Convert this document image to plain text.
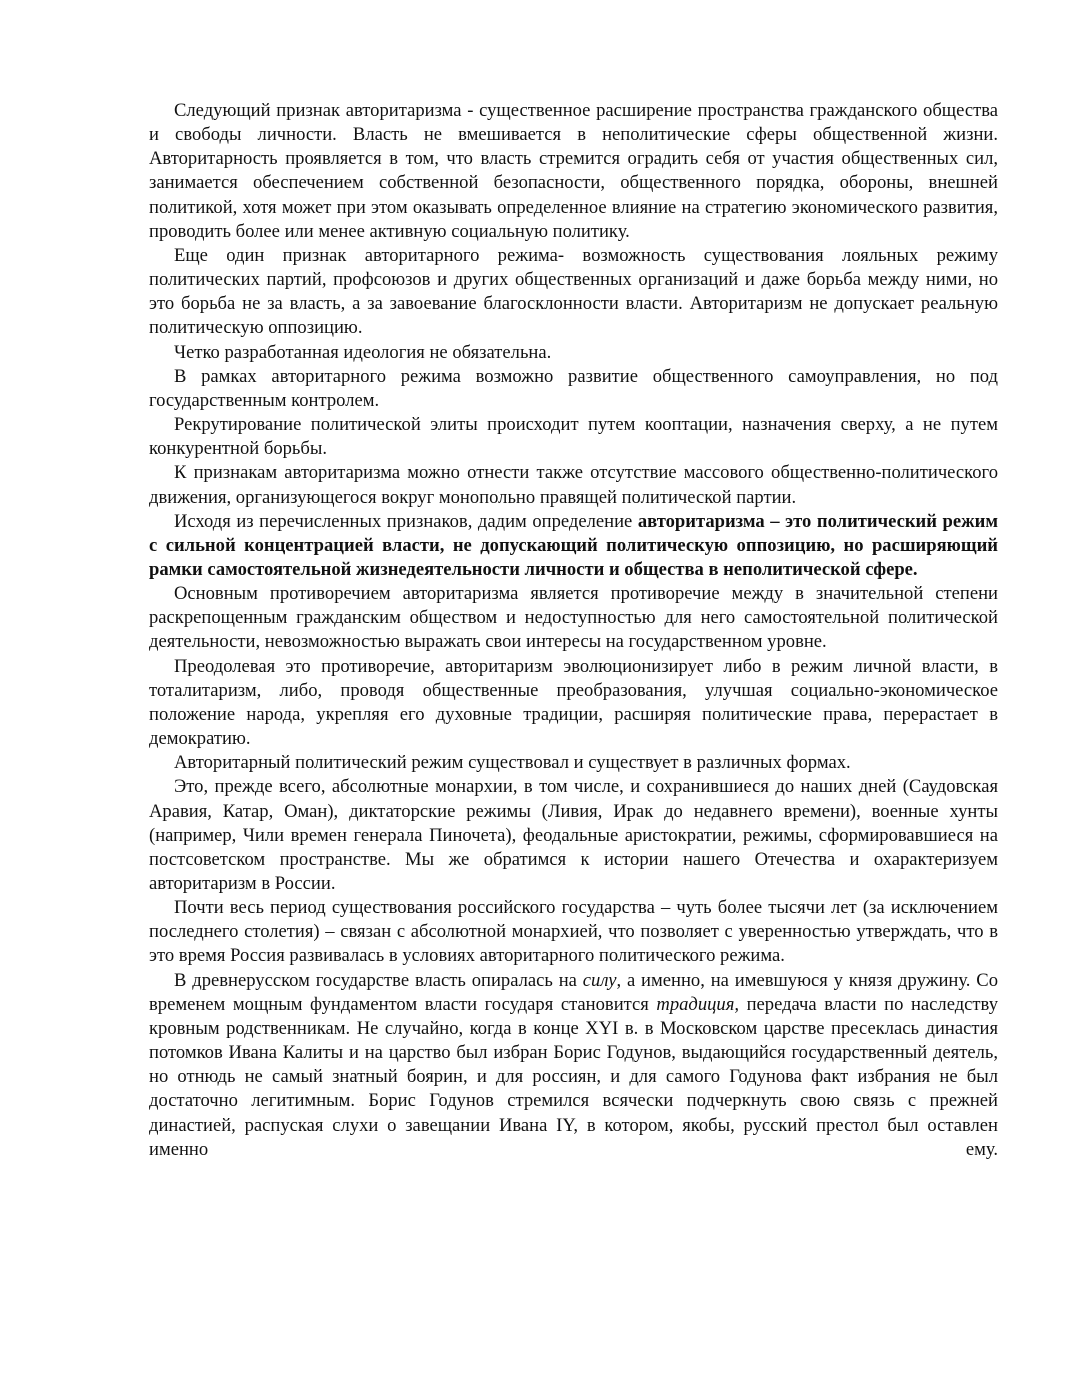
Следующий признак авторитаризма - существенное расширение пространства гражданского общества и свободы личности. Власть не вмешивается в неполитические сферы общественной жизни. Авторитарность проявляется в том, что власть стремится оградить себя от участия общественных сил, занимается обеспечением собственной безопасности, общественного порядка, обороны, внешней политикой, хотя может при этом оказывать определенное влияние на стратегию экономического развития, проводить более или менее активную социальную политику.

Еще один признак авторитарного режима- возможность существования лояльных режиму политических партий, профсоюзов и других общественных организаций и даже борьба между ними, но это борьба не за власть, а за завоевание благосклонности власти. Авторитаризм не допускает реальную политическую оппозицию.

Четко разработанная идеология не обязательна.

В рамках авторитарного режима возможно развитие общественного самоуправления, но под государственным контролем.

Рекрутирование политической элиты происходит путем кооптации, назначения сверху, а не путем конкурентной борьбы.

К признакам авторитаризма можно отнести также отсутствие массового общественно-политического движения, организующегося вокруг монопольно правящей политической партии.

Исходя из перечисленных признаков, дадим определение авторитаризма – это политический режим с сильной концентрацией власти, не допускающий политическую оппозицию, но расширяющий рамки самостоятельной жизнедеятельности личности и общества в неполитической сфере.

Основным противоречием авторитаризма является противоречие между в значительной степени раскрепощенным гражданским обществом и недоступностью для него самостоятельной политической деятельности, невозможностью выражать свои интересы на государственном уровне.

Преодолевая это противоречие, авторитаризм эволюционизирует либо в режим личной власти, в тоталитаризм, либо, проводя общественные преобразования, улучшая социально-экономическое положение народа, укрепляя его духовные традиции, расширяя политические права, перерастает в демократию.

Авторитарный политический режим существовал и существует в различных формах.

Это, прежде всего, абсолютные монархии, в том числе, и сохранившиеся до наших дней (Саудовская Аравия, Катар, Оман), диктаторские режимы (Ливия, Ирак до недавнего времени), военные хунты (например, Чили времен генерала Пиночета), феодальные аристократии, режимы, сформировавшиеся на постсоветском пространстве. Мы же обратимся к истории нашего Отечества и охарактеризуем авторитаризм в России.

Почти весь период существования российского государства – чуть более тысячи лет (за исключением последнего столетия) – связан с абсолютной монархией, что позволяет с уверенностью утверждать, что в это время Россия развивалась в условиях авторитарного политического режима.

В древнерусском государстве власть опиралась на силу, а именно, на имевшуюся у князя дружину. Со временем мощным фундаментом власти государя становится традиция, передача власти по наследству кровным родственникам. Не случайно, когда в конце XYI в. в Московском царстве пресеклась династия потомков Ивана Калиты и на царство был избран Борис Годунов, выдающийся государственный деятель, но отнюдь не самый знатный боярин, и для россиян, и для самого Годунова факт избрания не был достаточно легитимным. Борис Годунов стремился всячески подчеркнуть свою связь с прежней династией, распуская слухи о завещании Ивана IY, в котором, якобы, русский престол был оставлен именно ему.
